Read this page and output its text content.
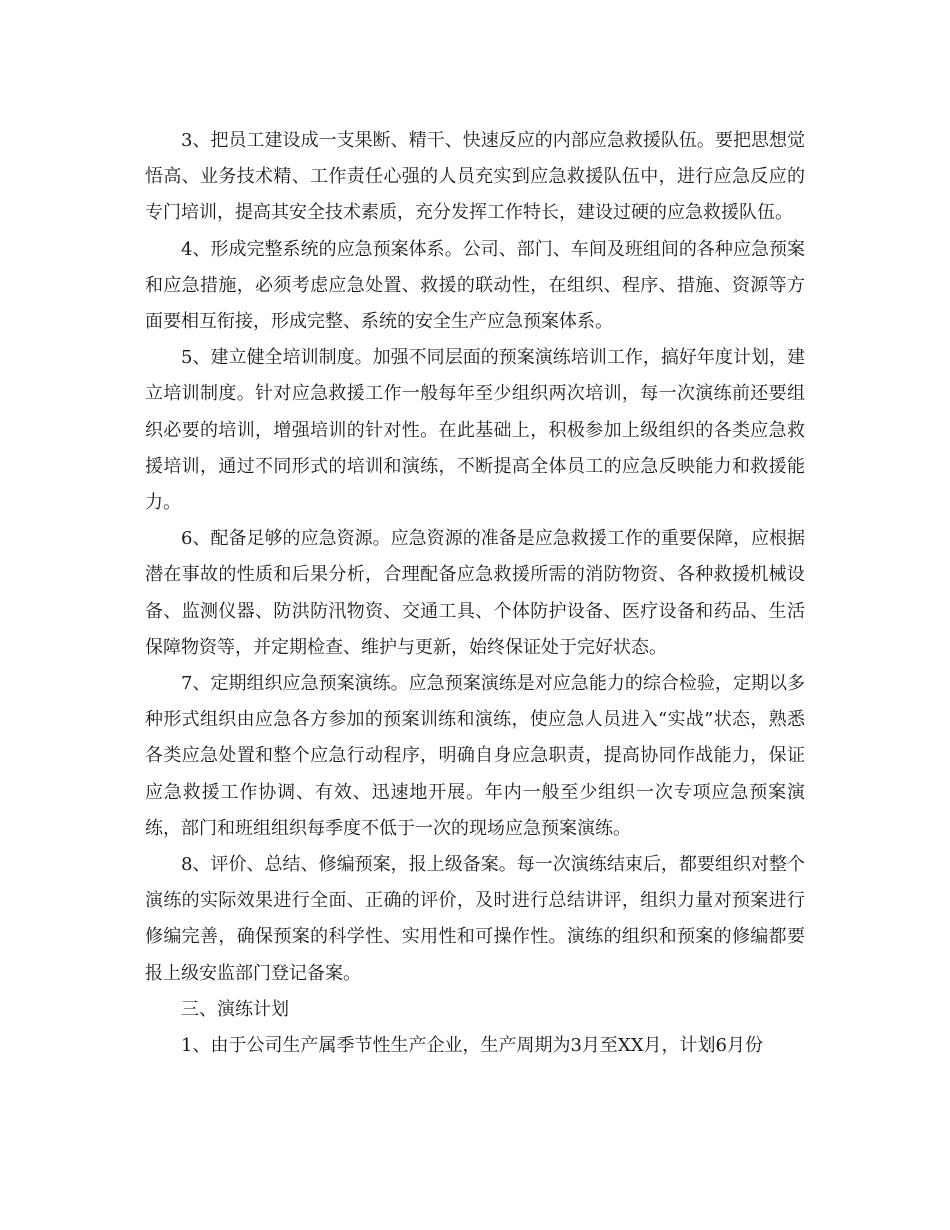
3、把员工建设成一支果断、精干、快速反应的内部应急救援队伍。要把思想觉悟高、业务技术精、工作责任心强的人员充实到应急救援队伍中，进行应急反应的专门培训，提高其安全技术素质，充分发挥工作特长，建设过硬的应急救援队伍。

4、形成完整系统的应急预案体系。公司、部门、车间及班组间的各种应急预案和应急措施，必须考虑应急处置、救援的联动性，在组织、程序、措施、资源等方面要相互衔接，形成完整、系统的安全生产应急预案体系。

5、建立健全培训制度。加强不同层面的预案演练培训工作，搞好年度计划，建立培训制度。针对应急救援工作一般每年至少组织两次培训，每一次演练前还要组织必要的培训，增强培训的针对性。在此基础上，积极参加上级组织的各类应急救援培训，通过不同形式的培训和演练，不断提高全体员工的应急反映能力和救援能力。

6、配备足够的应急资源。应急资源的准备是应急救援工作的重要保障，应根据潜在事故的性质和后果分析，合理配备应急救援所需的消防物资、各种救援机械设备、监测仪器、防洪防汛物资、交通工具、个体防护设备、医疗设备和药品、生活保障物资等，并定期检查、维护与更新，始终保证处于完好状态。

7、定期组织应急预案演练。应急预案演练是对应急能力的综合检验，定期以多种形式组织由应急各方参加的预案训练和演练，使应急人员进入“实战”状态，熟悉各类应急处置和整个应急行动程序，明确自身应急职责，提高协同作战能力，保证应急救援工作协调、有效、迅速地开展。年内一般至少组织一次专项应急预案演练，部门和班组组织每季度不低于一次的现场应急预案演练。

8、评价、总结、修编预案，报上级备案。每一次演练结束后，都要组织对整个演练的实际效果进行全面、正确的评价，及时进行总结讲评，组织力量对预案进行修编完善，确保预案的科学性、实用性和可操作性。演练的组织和预案的修编都要报上级安监部门登记备案。

三、演练计划

1、由于公司生产属季节性生产企业，生产周期为3月至XX月，计划6月份
